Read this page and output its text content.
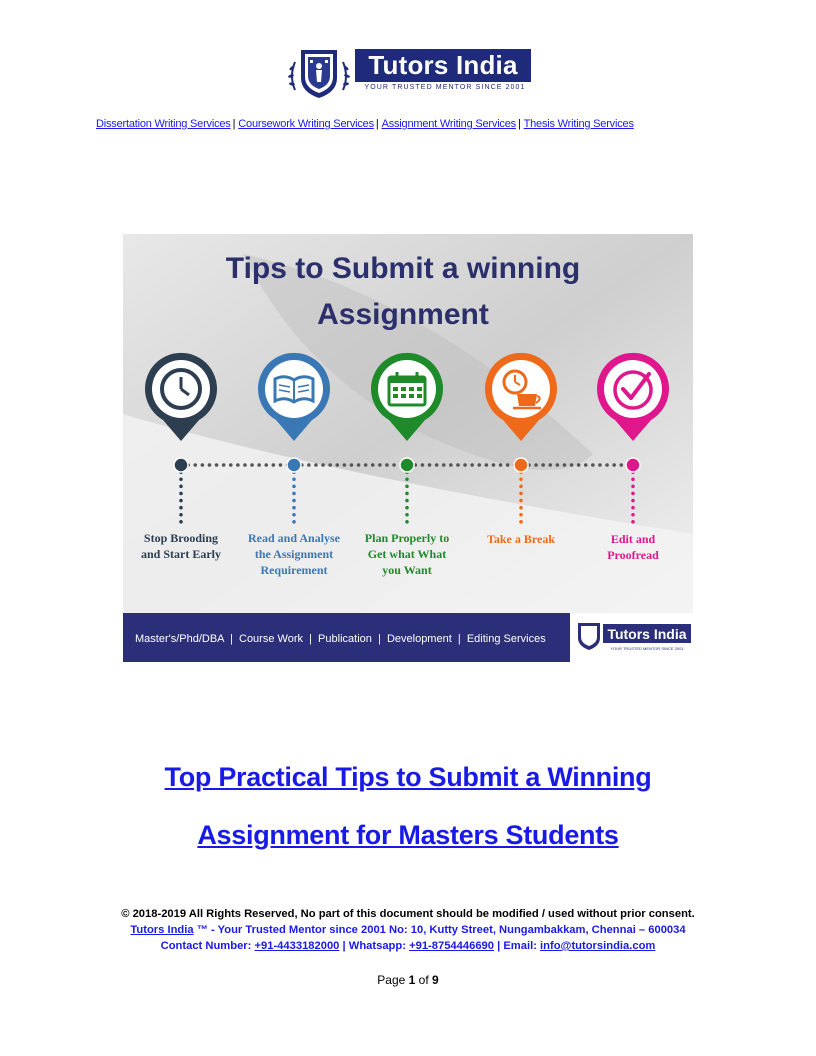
Tutors India
YOUR TRUSTED MENTOR SINCE 2001
Dissertation Writing Services | Coursework Writing Services | Assignment Writing Services | Thesis Writing Services
Tips to Submit a winning
Assignment
Stop Brooding
and Start Early
Read and Analyse
the Assignment
Requirement
Plan Properly to
Get what What
you Want
Take a Break	Edit and
Proofread
Master's/Phd/DBA  |  Course Work  |  Publication  |  Development  |  Editing Services	Tutors India
YOUR TRUSTED MENTOR SINCE 2001
Top Practical Tips to Submit a Winning
Assignment for Masters Students
© 2018-2019 All Rights Reserved, No part of this document should be modified / used without prior consent.
Tutors India ™ - Your Trusted Mentor since 2001 No: 10, Kutty Street, Nungambakkam, Chennai – 600034
Contact Number: +91-4433182000 | Whatsapp: +91-8754446690 | Email: info@tutorsindia.com
Page 1 of 9
